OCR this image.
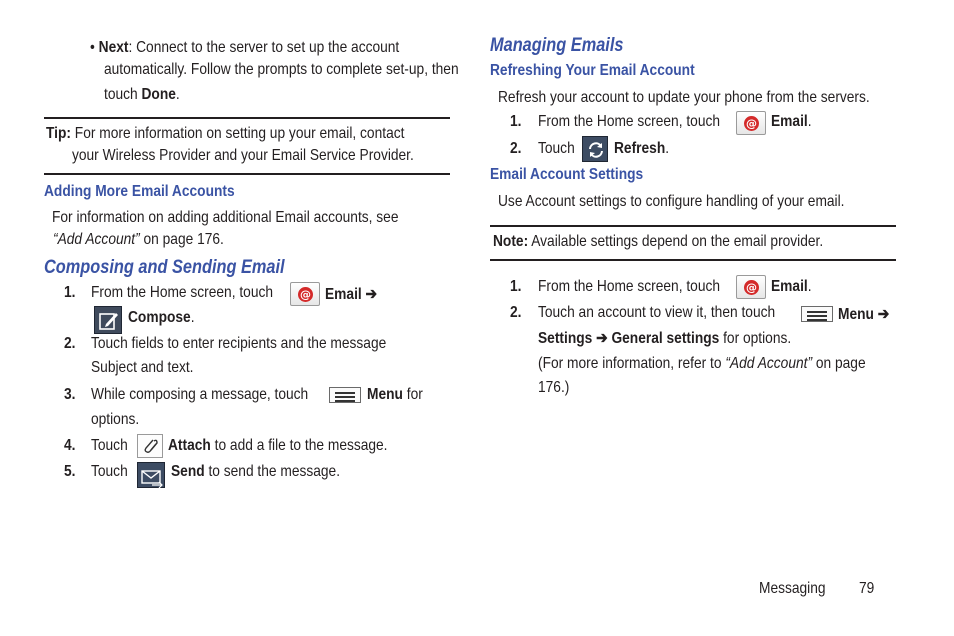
• Next: Connect to the server to set up the account
automatically. Follow the prompts to complete set-up, then
touch Done.
Tip: For more information on setting up your email, contact
your Wireless Provider and your Email Service Provider.
Adding More Email Accounts
For information on adding additional Email accounts, see
“Add Account” on page 176.
Composing and Sending Email
1. From the Home screen, touch	@ Email ➔
Compose.
2. Touch fields to enter recipients and the message
Subject and text.
3. While composing a message, touch	Menu for
options.
4. Touch	Attach to add a file to the message.
5. Touch	Send to send the message.
Managing Emails
Refreshing Your Email Account
Refresh your account to update your phone from the servers.
1. From the Home screen, touch	@ Email.
2. Touch	Refresh.
Email Account Settings
Use Account settings to configure handling of your email.
Note: Available settings depend on the email provider.
1. From the Home screen, touch	@ Email.
2. Touch an account to view it, then touch	Menu ➔
Settings ➔ General settings for options.
(For more information, refer to “Add Account” on page
176.)
Messaging	79
